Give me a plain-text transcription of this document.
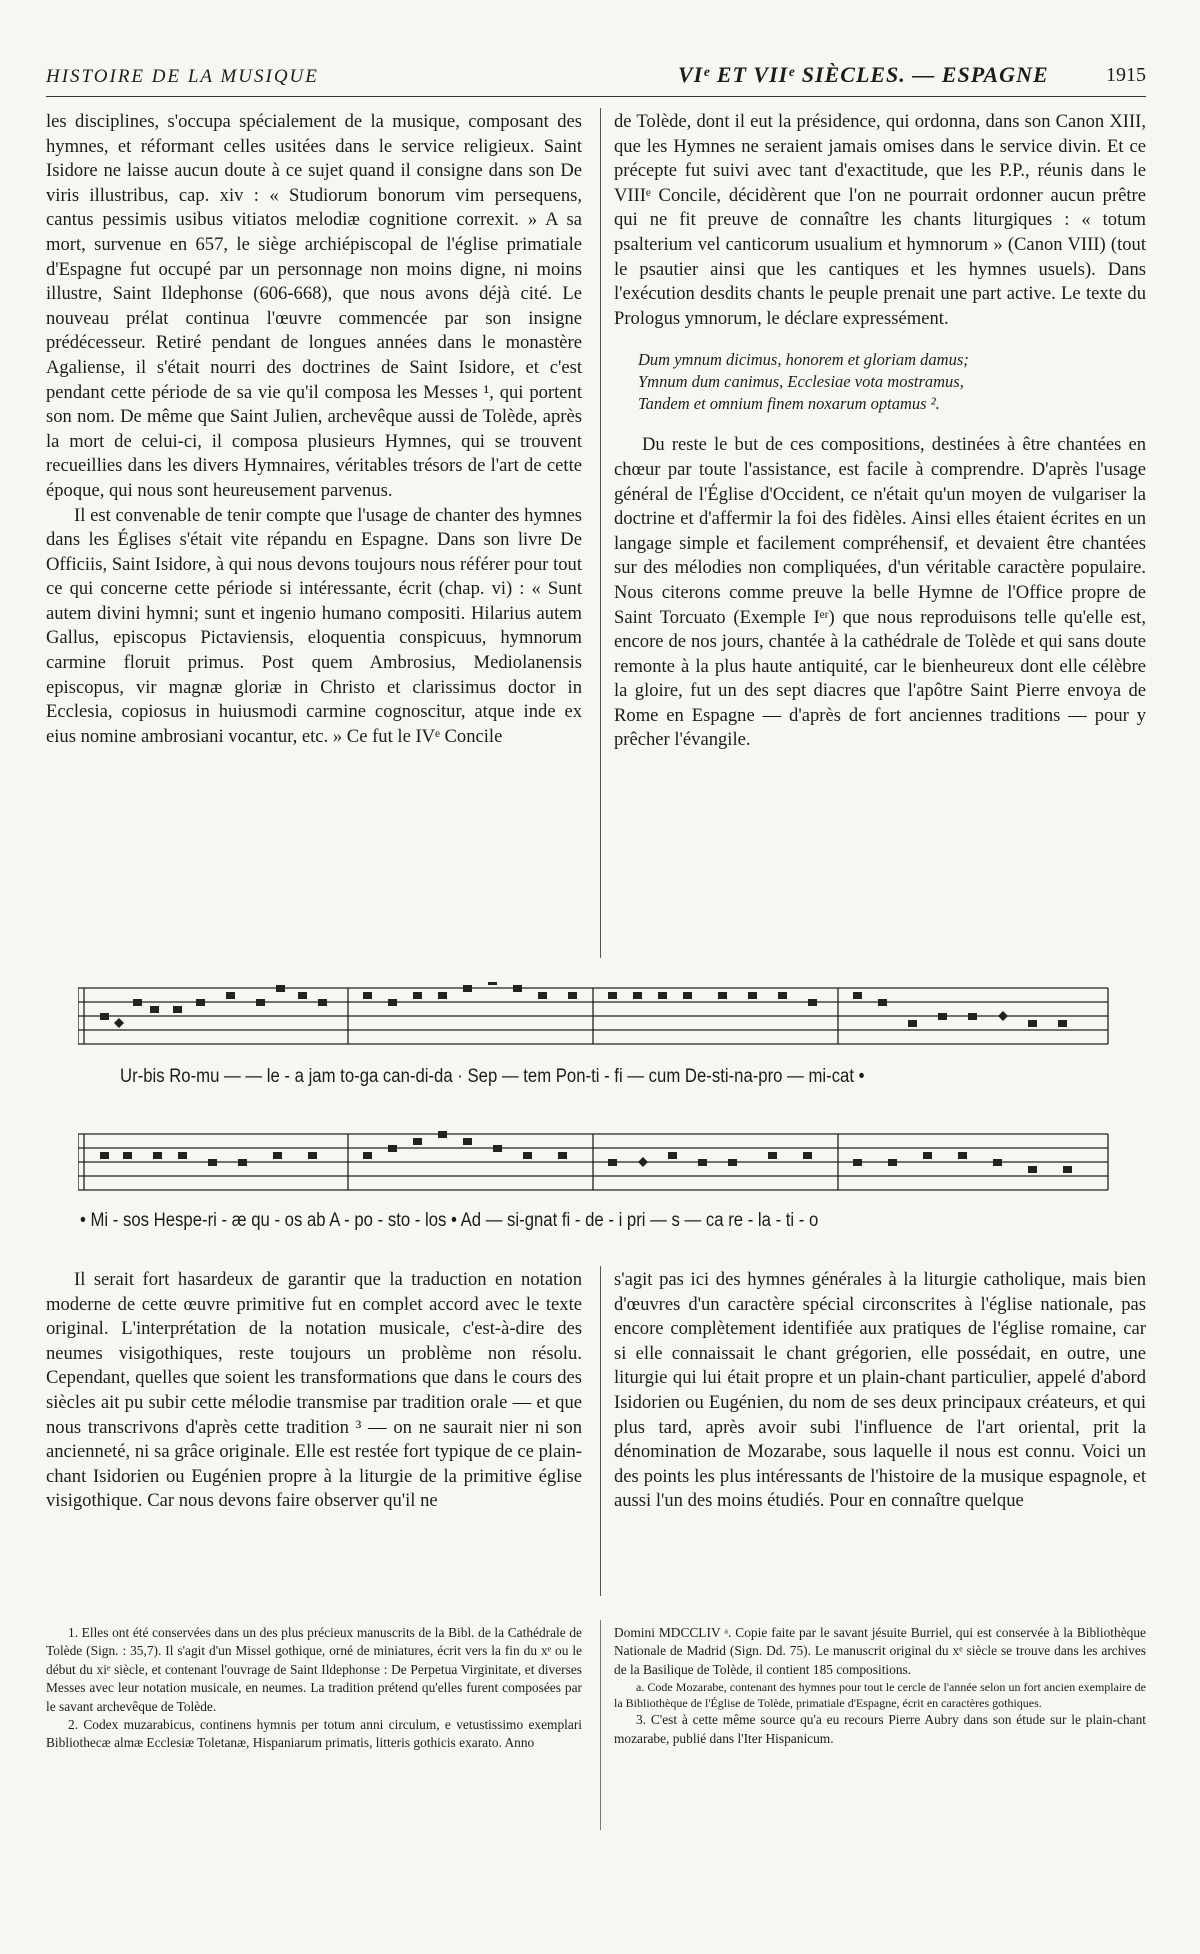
HISTOIRE DE LA MUSIQUE	VIᵉ ET VIIᵉ SIÈCLES. — ESPAGNE	1915

les disciplines, s'occupa spécialement de la musique, composant des hymnes, et réformant celles usitées dans le service religieux. Saint Isidore ne laisse aucun doute à ce sujet quand il consigne dans son De viris illustribus, cap. xiv : « Studiorum bonorum vim persequens, cantus pessimis usibus vitiatos melodiæ cognitione correxit. » A sa mort, survenue en 657, le siège archiépiscopal de l'église primatiale d'Espagne fut occupé par un personnage non moins digne, ni moins illustre, Saint Ildephonse (606-668), que nous avons déjà cité. Le nouveau prélat continua l'œuvre commencée par son insigne prédécesseur. Retiré pendant de longues années dans le monastère Agaliense, il s'était nourri des doctrines de Saint Isidore, et c'est pendant cette période de sa vie qu'il composa les Messes ¹, qui portent son nom. De même que Saint Julien, archevêque aussi de Tolède, après la mort de celui-ci, il composa plusieurs Hymnes, qui se trouvent recueillies dans les divers Hymnaires, véritables trésors de l'art de cette époque, qui nous sont heureusement parvenus.

Il est convenable de tenir compte que l'usage de chanter des hymnes dans les Églises s'était vite répandu en Espagne. Dans son livre De Officiis, Saint Isidore, à qui nous devons toujours nous référer pour tout ce qui concerne cette période si intéressante, écrit (chap. vi) : « Sunt autem divini hymni; sunt et ingenio humano compositi. Hilarius autem Gallus, episcopus Pictaviensis, eloquentia conspicuus, hymnorum carmine floruit primus. Post quem Ambrosius, Mediolanensis episcopus, vir magnæ gloriæ in Christo et clarissimus doctor in Ecclesia, copiosus in huiusmodi carmine cognoscitur, atque inde ex eius nomine ambrosiani vocantur, etc. » Ce fut le IVᵉ Concile

de Tolède, dont il eut la présidence, qui ordonna, dans son Canon XIII, que les Hymnes ne seraient jamais omises dans le service divin. Et ce précepte fut suivi avec tant d'exactitude, que les P.P., réunis dans le VIIIᵉ Concile, décidèrent que l'on ne pourrait ordonner aucun prêtre qui ne fit preuve de connaître les chants liturgiques : « totum psalterium vel canticorum usualium et hymnorum » (Canon VIII) (tout le psautier ainsi que les cantiques et les hymnes usuels). Dans l'exécution desdits chants le peuple prenait une part active. Le texte du Prologus ymnorum, le déclare expressément.

Dum ymnum dicimus, honorem et gloriam damus;
Ymnum dum canimus, Ecclesiae vota mostramus,
Tandem et omnium finem noxarum optamus ².

Du reste le but de ces compositions, destinées à être chantées en chœur par toute l'assistance, est facile à comprendre. D'après l'usage général de l'Église d'Occident, ce n'était qu'un moyen de vulgariser la doctrine et d'affermir la foi des fidèles. Ainsi elles étaient écrites en un langage simple et facilement compréhensif, et devaient être chantées sur des mélodies non compliquées, d'un véritable caractère populaire. Nous citerons comme preuve la belle Hymne de l'Office propre de Saint Torcuato (Exemple Iᵉʳ) que nous reproduisons telle qu'elle est, encore de nos jours, chantée à la cathédrale de Tolède et qui sans doute remonte à la plus haute antiquité, car le bienheureux dont elle célèbre la gloire, fut un des sept diacres que l'apôtre Saint Pierre envoya de Rome en Espagne — d'après de fort anciennes traditions — pour y prêcher l'évangile.

Ur-bis Ro-mu — — le - a jam to-ga can-di-da · Sep — tem Pon-ti - fi — cum De-sti-na-pro — mi-cat •
• Mi - sos Hespe-ri - æ qu - os ab A - po - sto - los • Ad — si-gnat fi - de - i pri — s — ca re - la - ti - o

Il serait fort hasardeux de garantir que la traduction en notation moderne de cette œuvre primitive fut en complet accord avec le texte original. L'interprétation de la notation musicale, c'est-à-dire des neumes visigothiques, reste toujours un problème non résolu. Cependant, quelles que soient les transformations que dans le cours des siècles ait pu subir cette mélodie transmise par tradition orale — et que nous transcrivons d'après cette tradition ³ — on ne saurait nier ni son ancienneté, ni sa grâce originale. Elle est restée fort typique de ce plain-chant Isidorien ou Eugénien propre à la liturgie de la primitive église visigothique. Car nous devons faire observer qu'il ne

s'agit pas ici des hymnes générales à la liturgie catholique, mais bien d'œuvres d'un caractère spécial circonscrites à l'église nationale, pas encore complètement identifiée aux pratiques de l'église romaine, car si elle connaissait le chant grégorien, elle possédait, en outre, une liturgie qui lui était propre et un plain-chant particulier, appelé d'abord Isidorien ou Eugénien, du nom de ses deux principaux créateurs, et qui plus tard, après avoir subi l'influence de l'art oriental, prit la dénomination de Mozarabe, sous laquelle il nous est connu. Voici un des points les plus intéressants de l'histoire de la musique espagnole, et aussi l'un des moins étudiés. Pour en connaître quelque

1. Elles ont été conservées dans un des plus précieux manuscrits de la Bibl. de la Cathédrale de Tolède (Sign. : 35,7). Il s'agit d'un Missel gothique, orné de miniatures, écrit vers la fin du xᵉ ou le début du xiᵉ siècle, et contenant l'ouvrage de Saint Ildephonse : De Perpetua Virginitate, et diverses Messes avec leur notation musicale, en neumes. La tradition prétend qu'elles furent composées par le savant archevêque de Tolède.

2. Codex muzarabicus, continens hymnis per totum anni circulum, e vetustissimo exemplari Bibliothecæ almæ Ecclesiæ Toletanæ, Hispaniarum primatis, litteris gothicis exarato. Anno

Domini MDCCLIV ᵃ. Copie faite par le savant jésuite Burriel, qui est conservée à la Bibliothèque Nationale de Madrid (Sign. Dd. 75). Le manuscrit original du xᵉ siècle se trouve dans les archives de la Basilique de Tolède, il contient 185 compositions.

a. Code Mozarabe, contenant des hymnes pour tout le cercle de l'année selon un fort ancien exemplaire de la Bibliothèque de l'Église de Tolède, primatiale d'Espagne, écrit en caractères gothiques.

3. C'est à cette même source qu'a eu recours Pierre Aubry dans son étude sur le plain-chant mozarabe, publié dans l'Iter Hispanicum.
